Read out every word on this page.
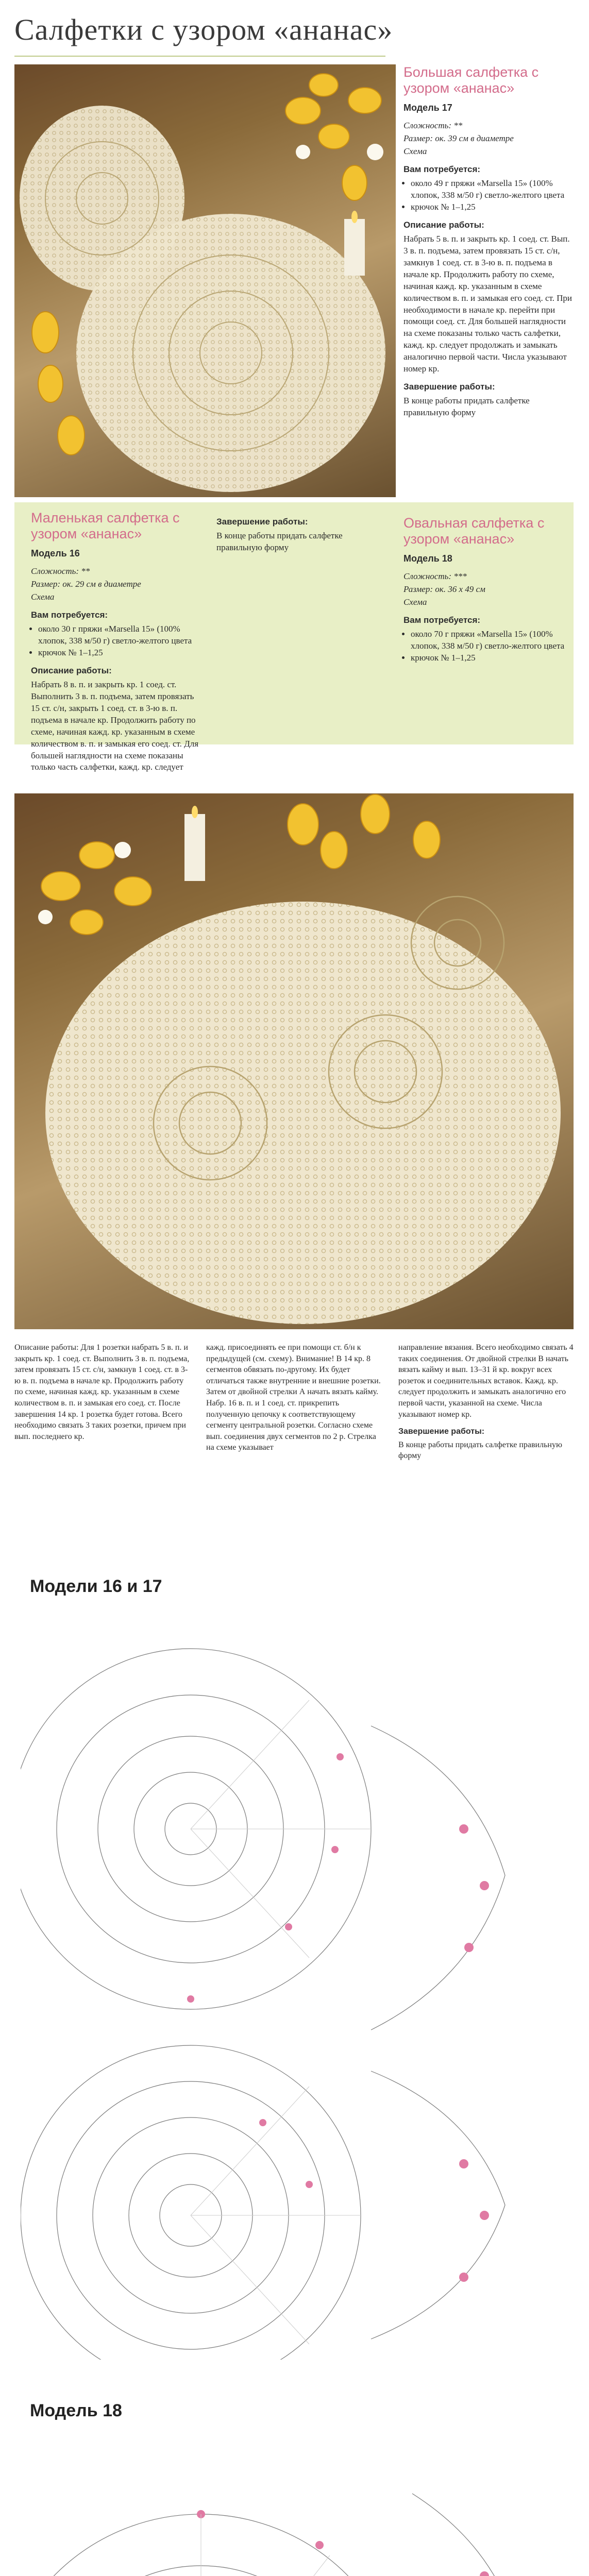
Салфетки с узором «ананас»
Большая салфетка с узором «ананас»
Модель 17
Сложность: **
Размер: ок. 39 см в диаметре
Схема
Вам потребуется:
• около 49 г пряжи «Marsella 15» (100% хлопок, 338 м/50 г) светло-желтого цвета
• крючок № 1–1,25
Описание работы:

Набрать 5 в. п. и закрыть кр. 1 соед. ст. Вып. 3 в. п. подъема, затем провязать 15 ст. с/н, замкнув 1 соед. ст. в 3-ю в. п. подъема в начале кр. Продолжить работу по схеме, начиная кажд. кр. указанным в схеме количеством в. п. и замыкая его соед. ст. При необходимости в начале кр. перейти при помощи соед. ст. Для большей наглядности на схеме показаны только часть салфетки, кажд. кр. следует продолжать и замыкать аналогично первой части. Числа указывают номер кр.

Завершение работы:

В конце работы придать салфетке правильную форму

Маленькая салфетка с узором «ананас»
Модель 16
Сложность: **
Размер: ок. 29 см в диаметре
Схема
Вам потребуется:
• около 30 г пряжи «Marsella 15» (100% хлопок, 338 м/50 г) светло-желтого цвета
• крючок № 1–1,25
Описание работы:

Набрать 8 в. п. и закрыть кр. 1 соед. ст. Выполнить 3 в. п. подъема, затем провязать 15 ст. с/н, закрыть 1 соед. ст. в 3-ю в. п. подъема в начале кр. Продолжить работу по схеме, начиная кажд. кр. указанным в схеме количеством в. п. и замыкая его соед. ст. Для большей наглядности на схеме показаны только часть салфетки, кажд. кр. следует

Завершение работы:

В конце работы придать салфетке правильную форму

Овальная салфетка с узором «ананас»
Модель 18
Сложность: ***
Размер: ок. 36 х 49 см
Схема
Вам потребуется:
• около 70 г пряжи «Marsella 15» (100% хлопок, 338 м/50 г) светло-желтого цвета
• крючок № 1–1,25

Описание работы: Для 1 розетки набрать 5 в. п. и закрыть кр. 1 соед. ст. Выполнить 3 в. п. подъема, затем провязать 15 ст. с/н, замкнув 1 соед. ст. в 3-ю в. п. подъема в начале кр. Продолжить работу по схеме, начиная кажд. кр. указанным в схеме количеством в. п. и замыкая его соед. ст. После завершения 14 кр. 1 розетка будет готова. Всего необходимо связать 3 таких розетки, причем при вып. последнего кр.

кажд. присоединять ее при помощи ст. б/н к предыдущей (см. схему). Внимание! В 14 кр. 8 сегментов обвязать по-другому. Их будет отличаться также внутренние и внешние розетки. Затем от двойной стрелки А начать вязать кайму. Набр. 16 в. п. и 1 соед. ст. прикрепить полученную цепочку к соответствующему сегменту центральной розетки. Согласно схеме вып. соединения двух сегментов по 2 р. Стрелка на схеме указывает

направление вязания. Всего необходимо связать 4 таких соединения. От двойной стрелки В начать вязать кайму и вып. 13–31 й кр. вокруг всех розеток и соединительных вставок. Кажд. кр. следует продолжить и замыкать аналогично его первой части, указанной на схеме. Числа указывают номер кр.

Завершение работы:

В конце работы придать салфетке правильную форму

Модели 16 и 17
Модель 18
